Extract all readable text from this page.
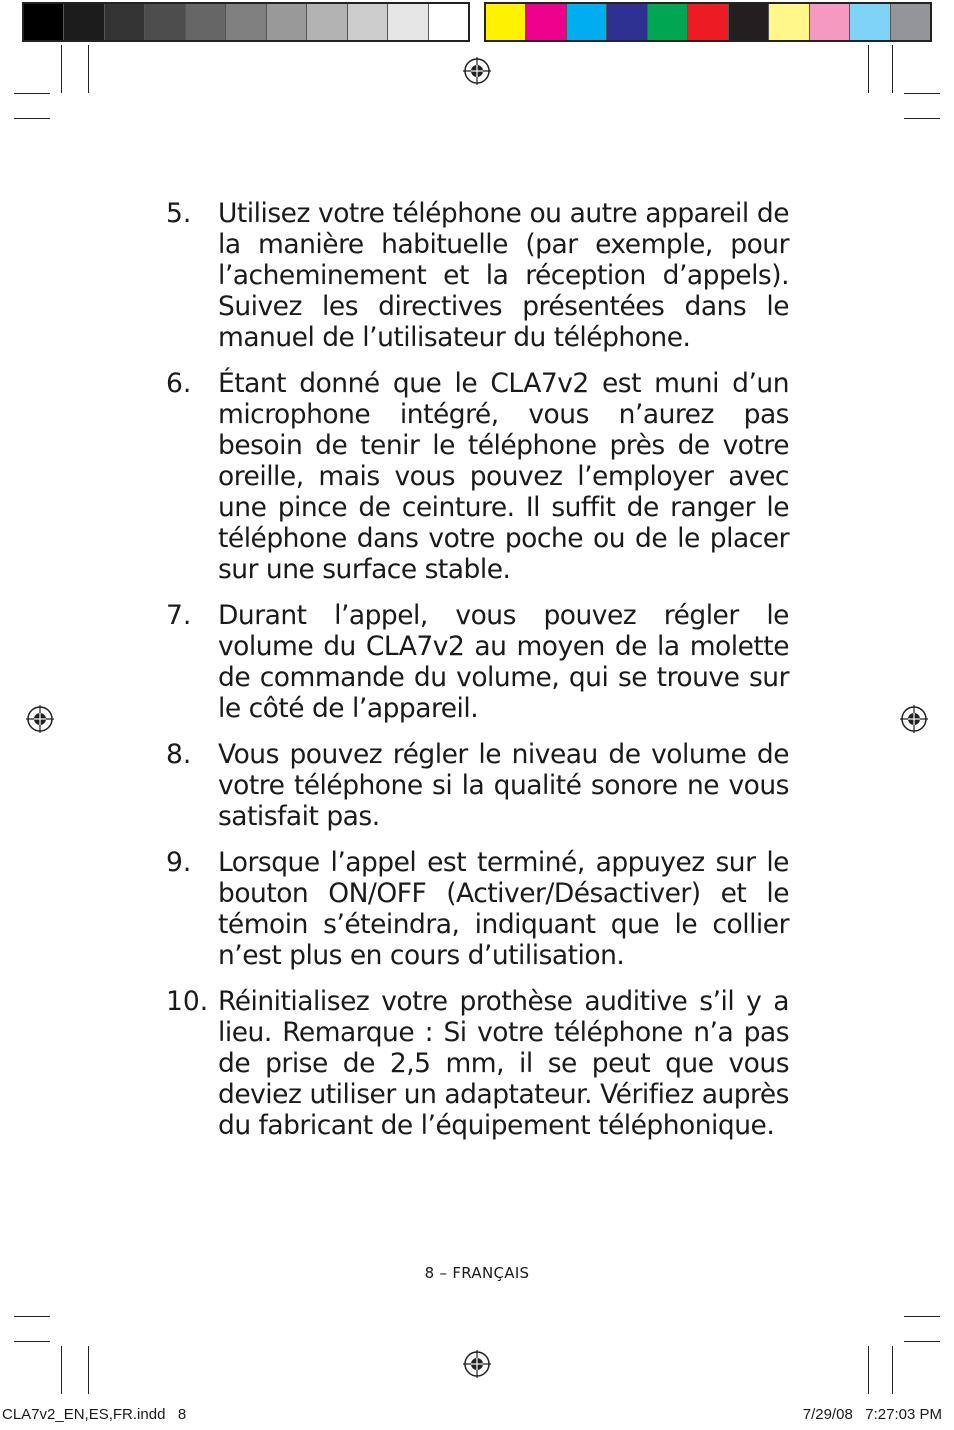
5.	Utilisez votre téléphone ou autre appareil de la manière habituelle (par exemple, pour l’acheminement et la réception d’appels). Suivez les directives présentées dans le manuel de l’utilisateur du téléphone.
6.	Étant donné que le CLA7v2 est muni d’un microphone intégré, vous n’aurez pas besoin de tenir le téléphone près de votre oreille, mais vous pouvez l’employer avec une pince de ceinture. Il suffit de ranger le téléphone dans votre poche ou de le placer sur une surface stable.
7.	Durant l’appel, vous pouvez régler le volume du CLA7v2 au moyen de la molette de commande du volume, qui se trouve sur le côté de l’appareil.
8.	Vous pouvez régler le niveau de volume de votre téléphone si la qualité sonore ne vous satisfait pas.
9.	Lorsque l’appel est terminé, appuyez sur le bouton ON/OFF (Activer/Désactiver) et le témoin s’éteindra, indiquant que le collier n’est plus en cours d’utilisation.
10. Réinitialisez votre prothèse auditive s’il y a lieu. Remarque : Si votre téléphone n’a pas de prise de 2,5 mm, il se peut que vous deviez utiliser un adaptateur. Vérifiez auprès du fabricant de l’équipement téléphonique.
8 – FRANÇAIS
CLA7v2_EN,ES,FR.indd   8	7/29/08   7:27:03 PM
